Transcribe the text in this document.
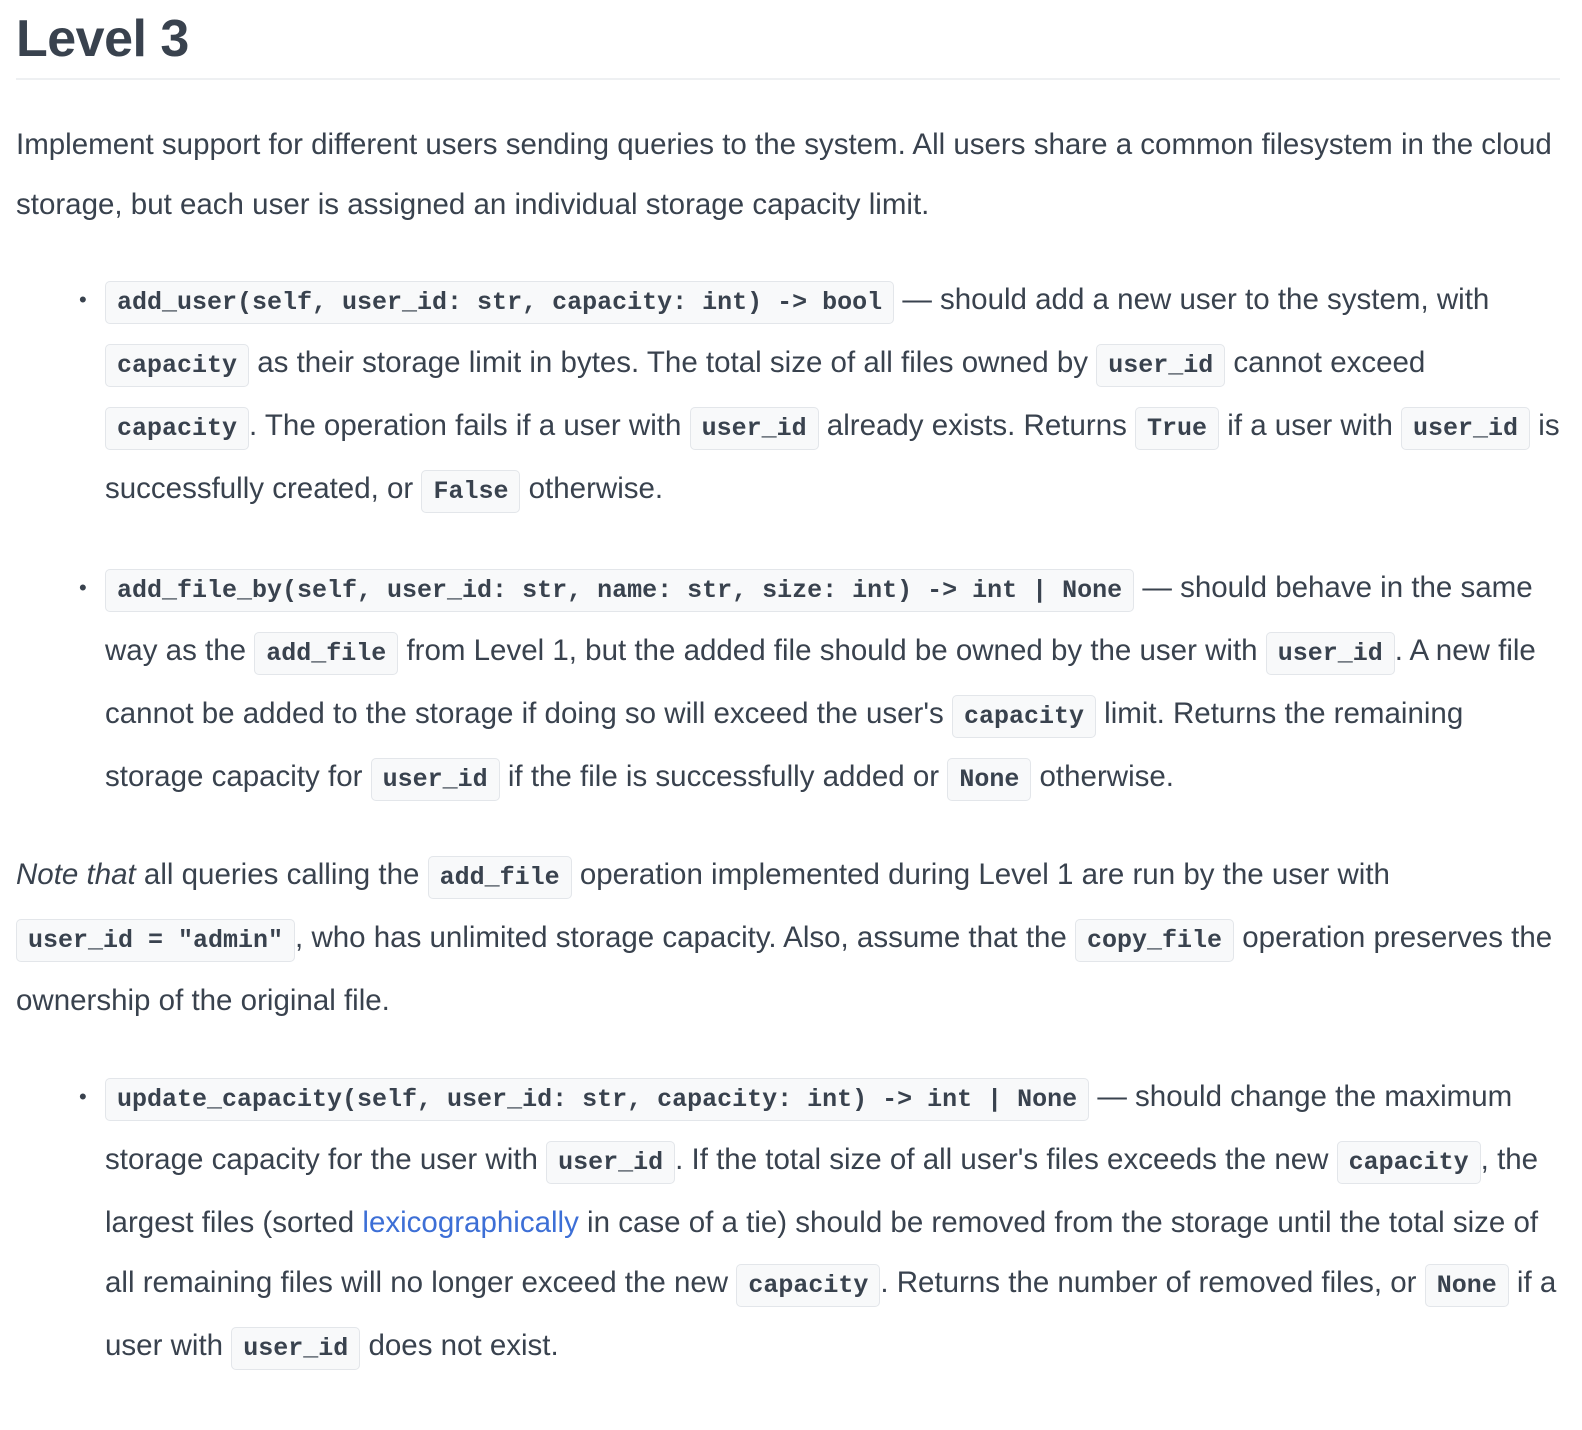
Level 3

Implement support for different users sending queries to the system. All users share a common filesystem in the cloud storage, but each user is assigned an individual storage capacity limit.

• add_user(self, user_id: str, capacity: int) -> bool — should add a new user to the system, with capacity as their storage limit in bytes. The total size of all files owned by user_id cannot exceed capacity . The operation fails if a user with user_id already exists. Returns True if a user with user_id is successfully created, or False otherwise.
• add_file_by(self, user_id: str, name: str, size: int) -> int | None — should behave in the same way as the add_file from Level 1, but the added file should be owned by the user with user_id . A new file cannot be added to the storage if doing so will exceed the user's capacity limit. Returns the remaining storage capacity for user_id if the file is successfully added or None otherwise.

Note that all queries calling the add_file operation implemented during Level 1 are run by the user with user_id = "admin" , who has unlimited storage capacity. Also, assume that the copy_file operation preserves the ownership of the original file.

• update_capacity(self, user_id: str, capacity: int) -> int | None — should change the maximum storage capacity for the user with user_id . If the total size of all user's files exceeds the new capacity , the largest files (sorted lexicographically in case of a tie) should be removed from the storage until the total size of all remaining files will no longer exceed the new capacity . Returns the number of removed files, or None if a user with user_id does not exist.
